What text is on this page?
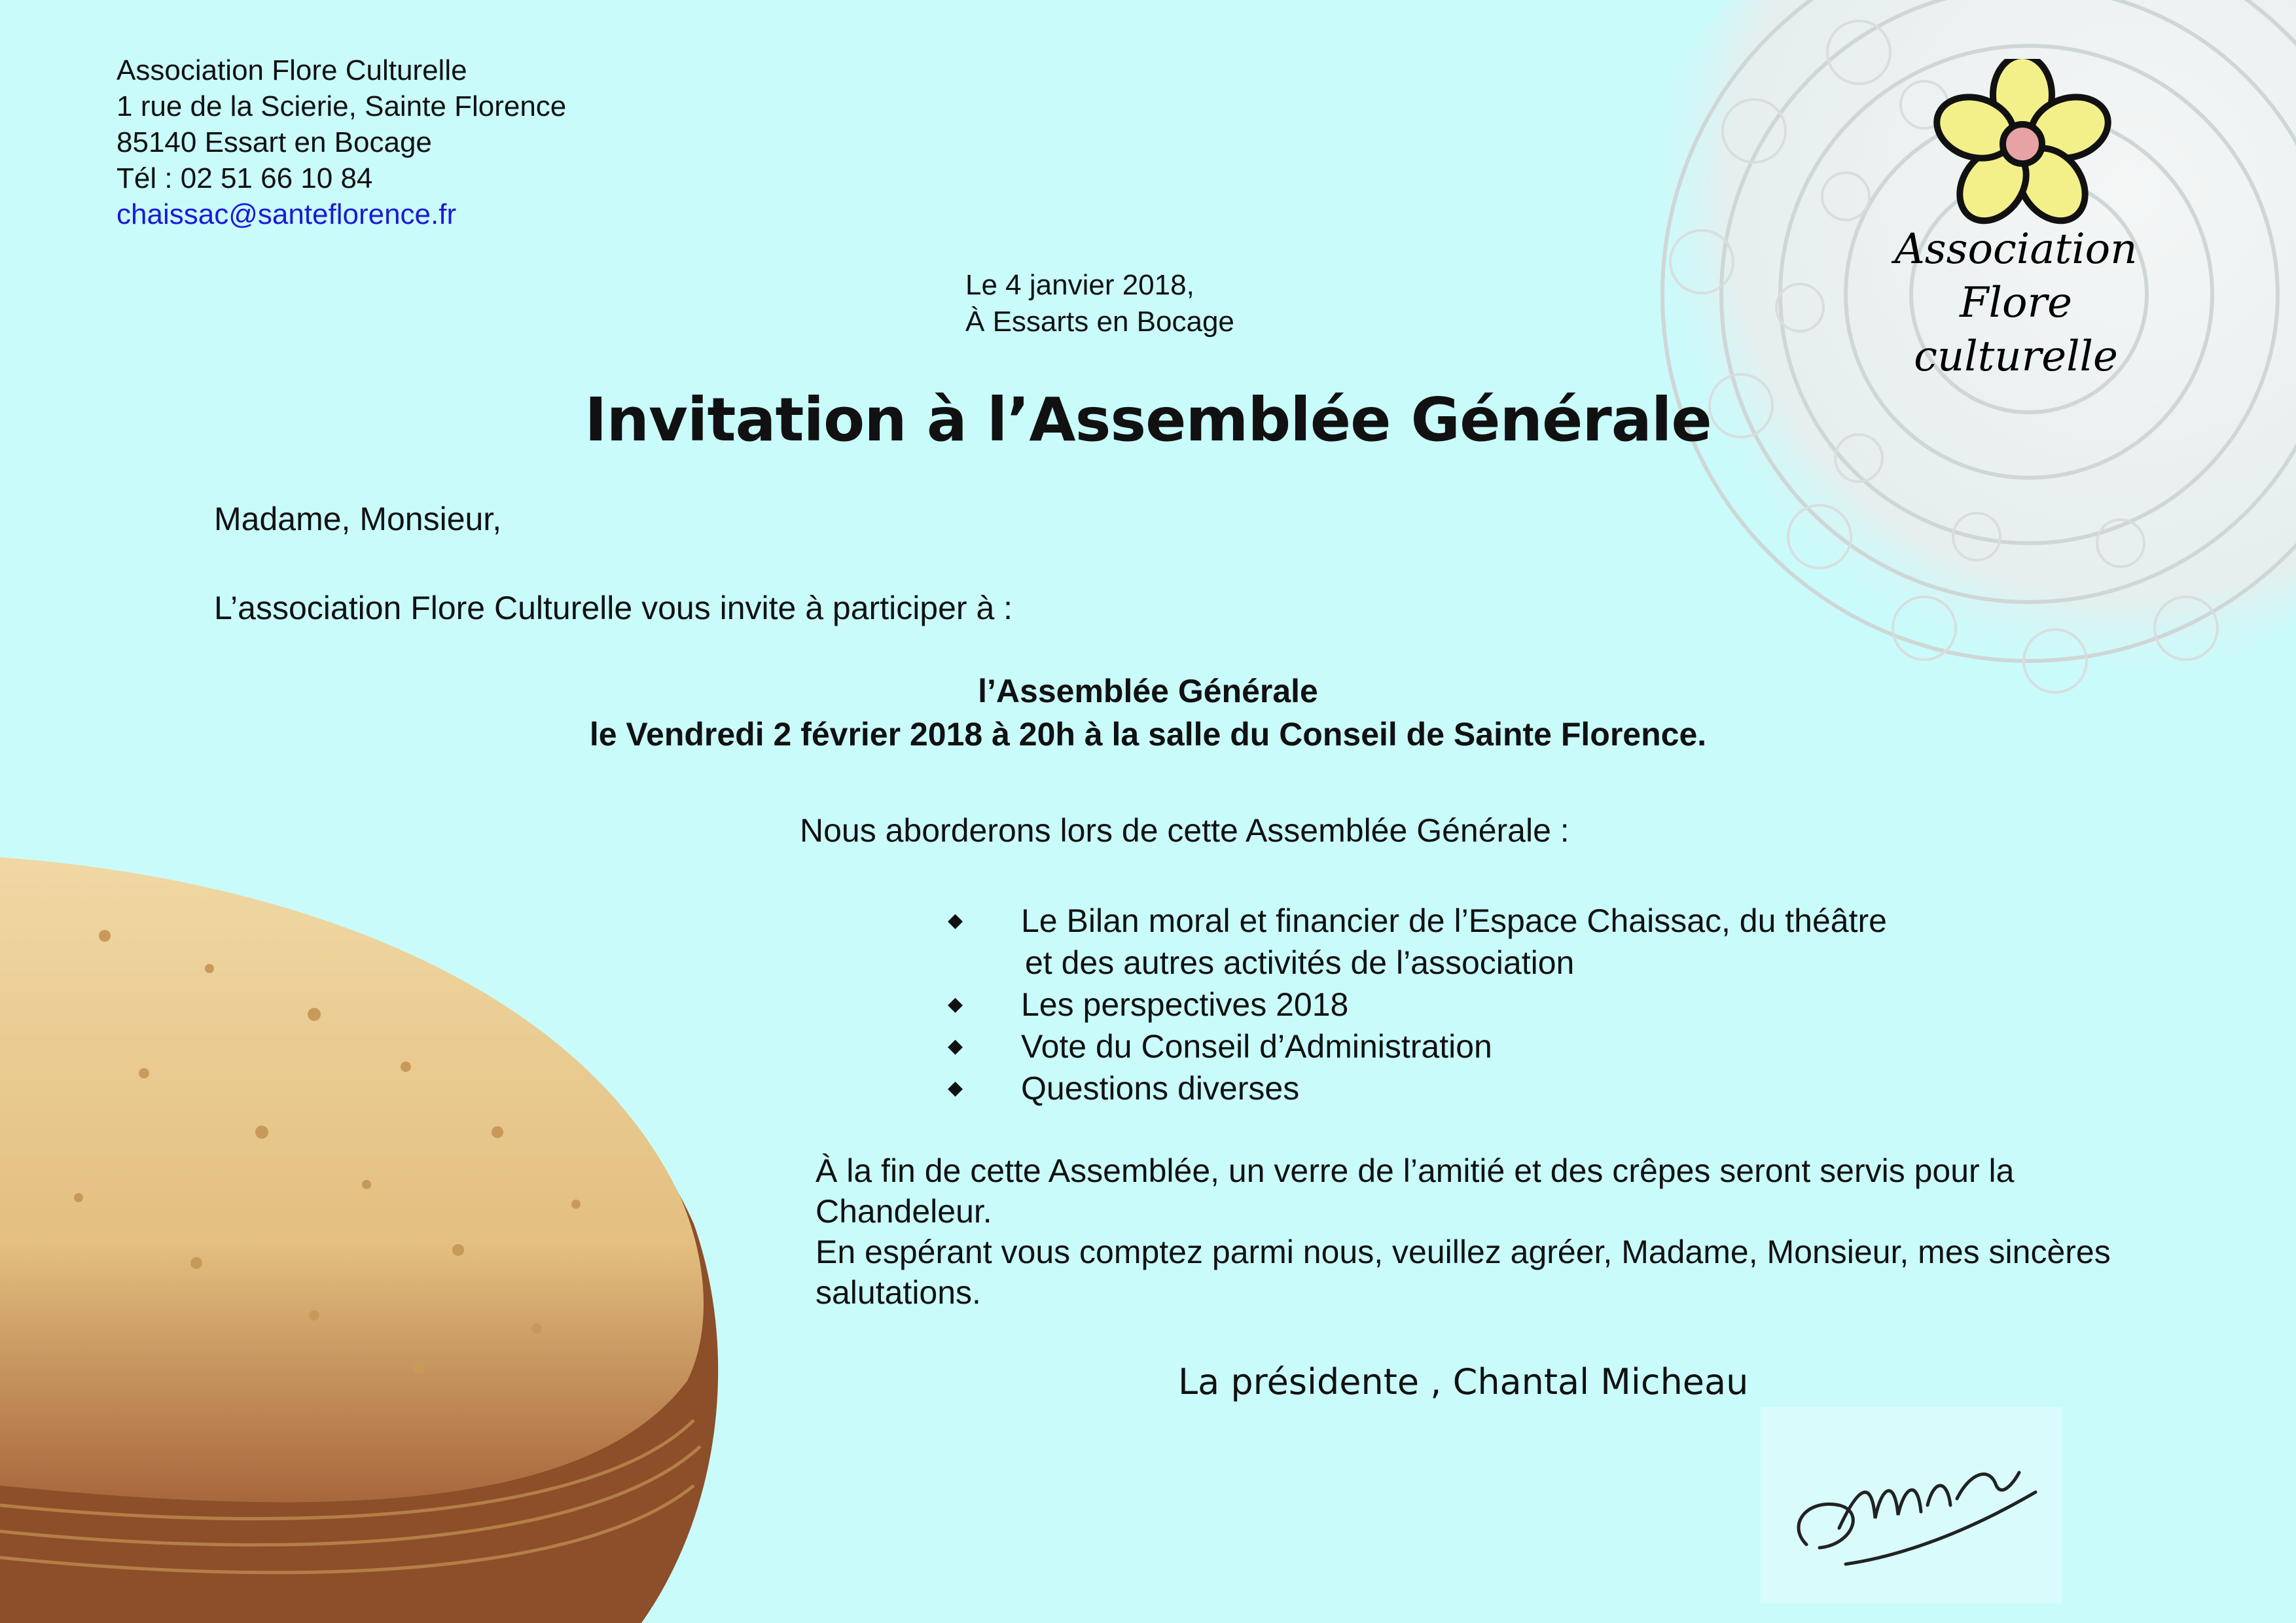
Association
Flore culturelle
Association Flore Culturelle
1 rue de la Scierie, Sainte Florence
85140 Essart en Bocage
Tél : 02 51 66 10 84
chaissac@santeflorence.fr
Le 4 janvier 2018,
À Essarts en Bocage
Invitation à l’Assemblée Générale
Madame, Monsieur,
L’association Flore Culturelle vous invite à participer à :
l’Assemblée Générale
le Vendredi 2 février 2018 à 20h à la salle du Conseil de Sainte Florence.
Nous aborderons lors de cette Assemblée Générale :
◆ Le Bilan moral et financier de l’Espace Chaissac, du théâtre
et des autres activités de l’association
◆ Les perspectives 2018
◆ Vote du Conseil d’Administration
◆ Questions diverses

À la fin de cette Assemblée, un verre de l’amitié et des crêpes seront servis pour la Chandeleur.

En espérant vous comptez parmi nous, veuillez agréer, Madame, Monsieur, mes sincères salutations.

La présidente , Chantal Micheau
